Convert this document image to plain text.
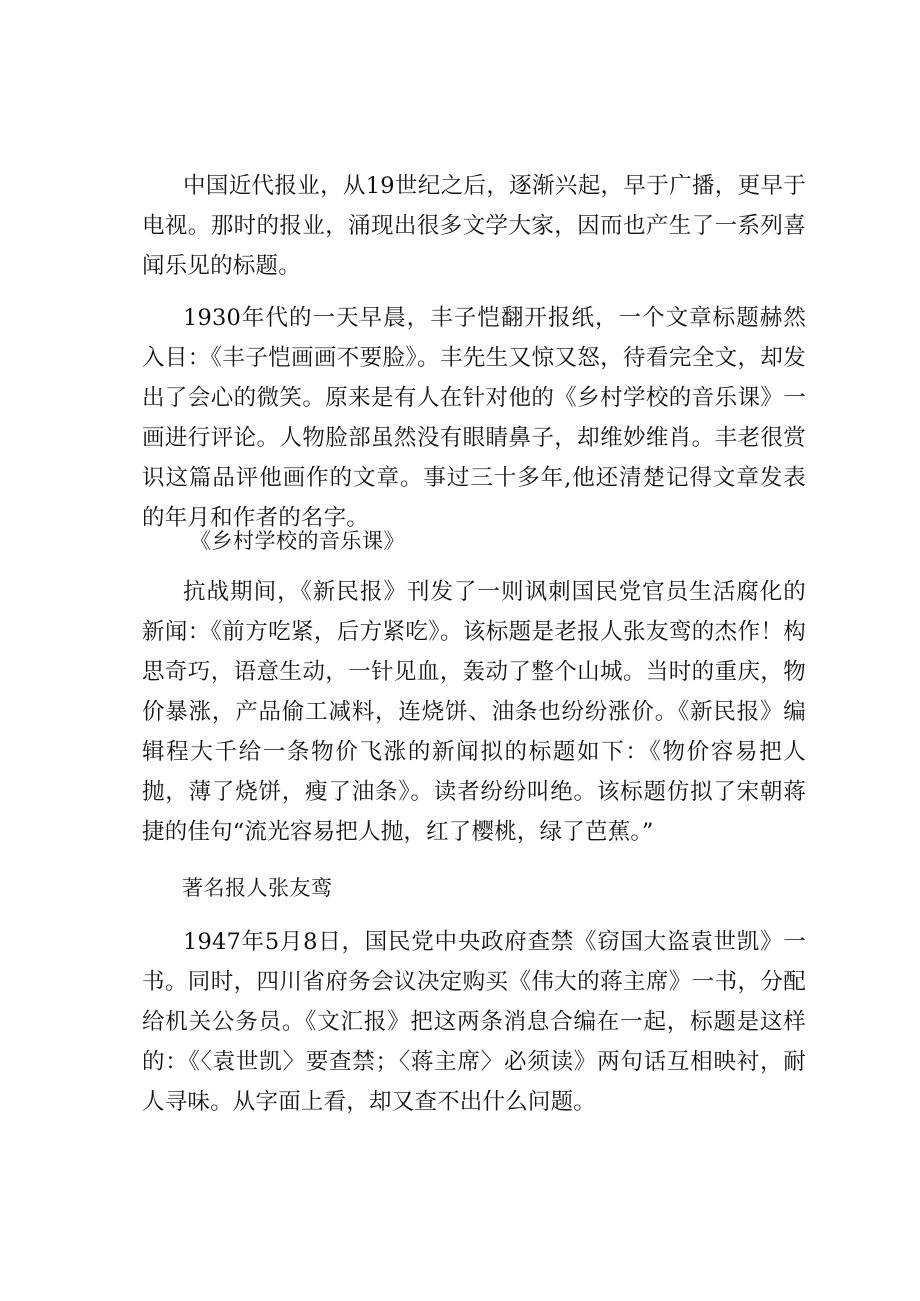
中国近代报业，从19世纪之后，逐渐兴起，早于广播，更早于电视。那时的报业，涌现出很多文学大家，因而也产生了一系列喜闻乐见的标题。

1930年代的一天早晨，丰子恺翻开报纸，一个文章标题赫然入目：《丰子恺画画不要脸》。丰先生又惊又怒，待看完全文，却发出了会心的微笑。原来是有人在针对他的《乡村学校的音乐课》一画进行评论。人物脸部虽然没有眼睛鼻子，却维妙维肖。丰老很赏识这篇品评他画作的文章。事过三十多年,他还清楚记得文章发表的年月和作者的名字。

《乡村学校的音乐课》

抗战期间，《新民报》刊发了一则讽刺国民党官员生活腐化的新闻：《前方吃紧，后方紧吃》。该标题是老报人张友鸾的杰作！构思奇巧，语意生动，一针见血，轰动了整个山城。当时的重庆，物价暴涨，产品偷工减料，连烧饼、油条也纷纷涨价。《新民报》编辑程大千给一条物价飞涨的新闻拟的标题如下：《物价容易把人抛，薄了烧饼，瘦了油条》。读者纷纷叫绝。该标题仿拟了宋朝蒋捷的佳句“流光容易把人抛，红了樱桃，绿了芭蕉。”

著名报人张友鸾

1947年5月8日，国民党中央政府查禁《窃国大盗袁世凯》一书。同时，四川省府务会议决定购买《伟大的蒋主席》一书，分配给机关公务员。《文汇报》把这两条消息合编在一起，标题是这样的：《〈袁世凯〉要查禁；〈蒋主席〉必须读》两句话互相映衬，耐人寻味。从字面上看，却又查不出什么问题。
